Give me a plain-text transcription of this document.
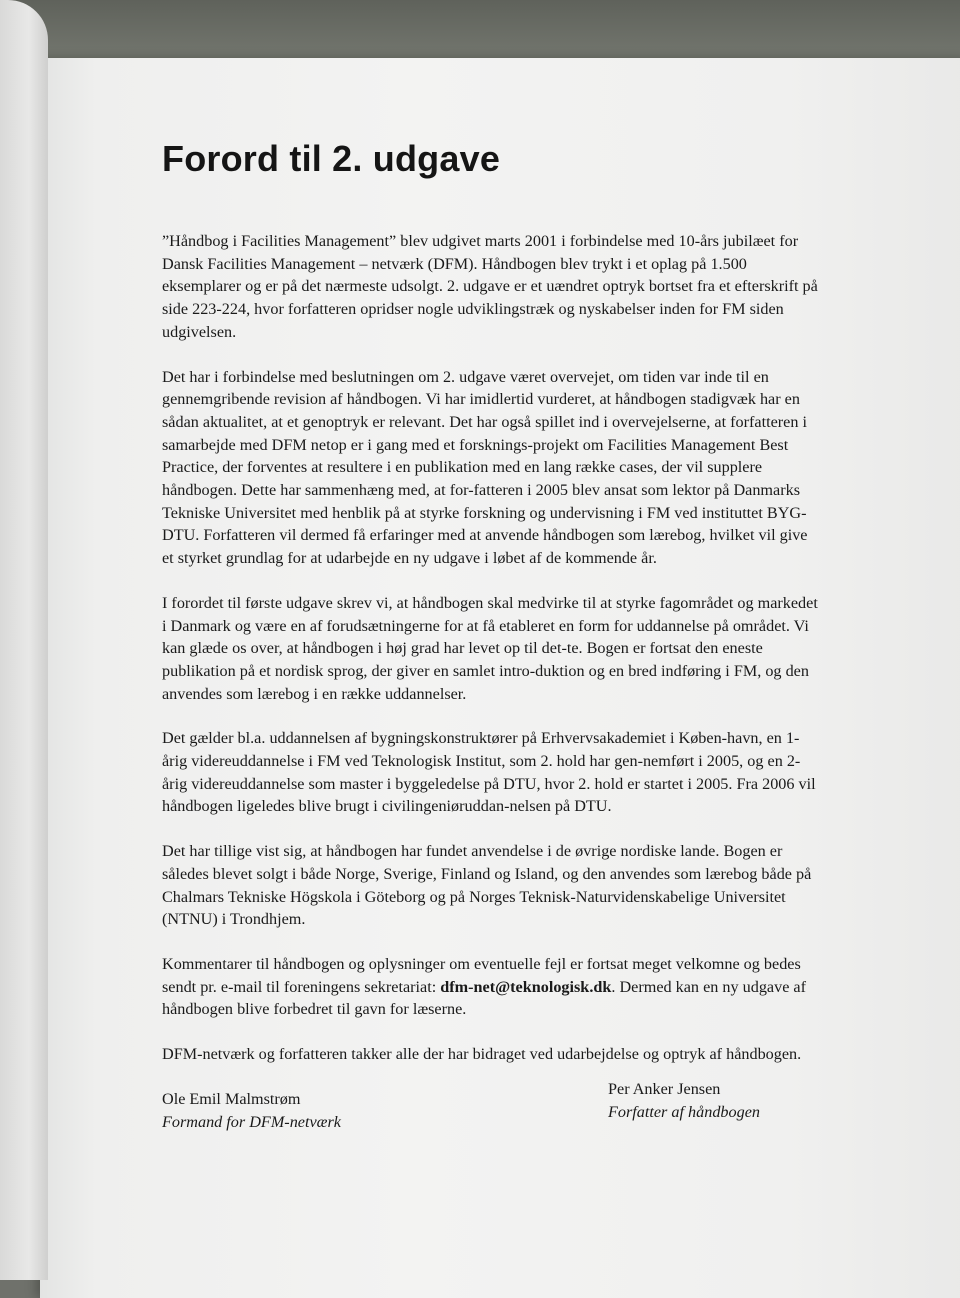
Forord til 2. udgave

”Håndbog i Facilities Management” blev udgivet marts 2001 i forbindelse med 10-års jubilæet for Dansk Facilities Management – netværk (DFM). Håndbogen blev trykt i et oplag på 1.500 eksemplarer og er på det nærmeste udsolgt. 2. udgave er et uændret optryk bortset fra et efterskrift på side 223-224, hvor forfatteren opridser nogle udviklingstræk og nyskabelser inden for FM siden udgivelsen.

Det har i forbindelse med beslutningen om 2. udgave været overvejet, om tiden var inde til en gennemgribende revision af håndbogen. Vi har imidlertid vurderet, at håndbogen stadigvæk har en sådan aktualitet, at et genoptryk er relevant. Det har også spillet ind i overvejelserne, at forfatteren i samarbejde med DFM netop er i gang med et forsknings-projekt om Facilities Management Best Practice, der forventes at resultere i en publikation med en lang række cases, der vil supplere håndbogen. Dette har sammenhæng med, at for-fatteren i 2005 blev ansat som lektor på Danmarks Tekniske Universitet med henblik på at styrke forskning og undervisning i FM ved instituttet BYG-DTU. Forfatteren vil dermed få erfaringer med at anvende håndbogen som lærebog, hvilket vil give et styrket grundlag for at udarbejde en ny udgave i løbet af de kommende år.

I forordet til første udgave skrev vi, at håndbogen skal medvirke til at styrke fagområdet og markedet i Danmark og være en af forudsætningerne for at få etableret en form for uddannelse på området. Vi kan glæde os over, at håndbogen i høj grad har levet op til det-te. Bogen er fortsat den eneste publikation på et nordisk sprog, der giver en samlet intro-duktion og en bred indføring i FM, og den anvendes som lærebog i en række uddannelser.

Det gælder bl.a. uddannelsen af bygningskonstruktører på Erhvervsakademiet i Køben-havn, en 1-årig videreuddannelse i FM ved Teknologisk Institut, som 2. hold har gen-nemført i 2005, og en 2-årig videreuddannelse som master i byggeledelse på DTU, hvor 2. hold er startet i 2005. Fra 2006 vil håndbogen ligeledes blive brugt i civilingeniøruddan-nelsen på DTU.

Det har tillige vist sig, at håndbogen har fundet anvendelse i de øvrige nordiske lande. Bogen er således blevet solgt i både Norge, Sverige, Finland og Island, og den anvendes som lærebog både på Chalmars Tekniske Högskola i Göteborg og på Norges Teknisk-Naturvidenskabelige Universitet (NTNU) i Trondhjem.

Kommentarer til håndbogen og oplysninger om eventuelle fejl er fortsat meget velkomne og bedes sendt pr. e-mail til foreningens sekretariat: dfm-net@teknologisk.dk. Dermed kan en ny udgave af håndbogen blive forbedret til gavn for læserne.

DFM-netværk og forfatteren takker alle der har bidraget ved udarbejdelse og optryk af håndbogen.

Ole Emil Malmstrøm
Formand for DFM-netværk
Per Anker Jensen
Forfatter af håndbogen
